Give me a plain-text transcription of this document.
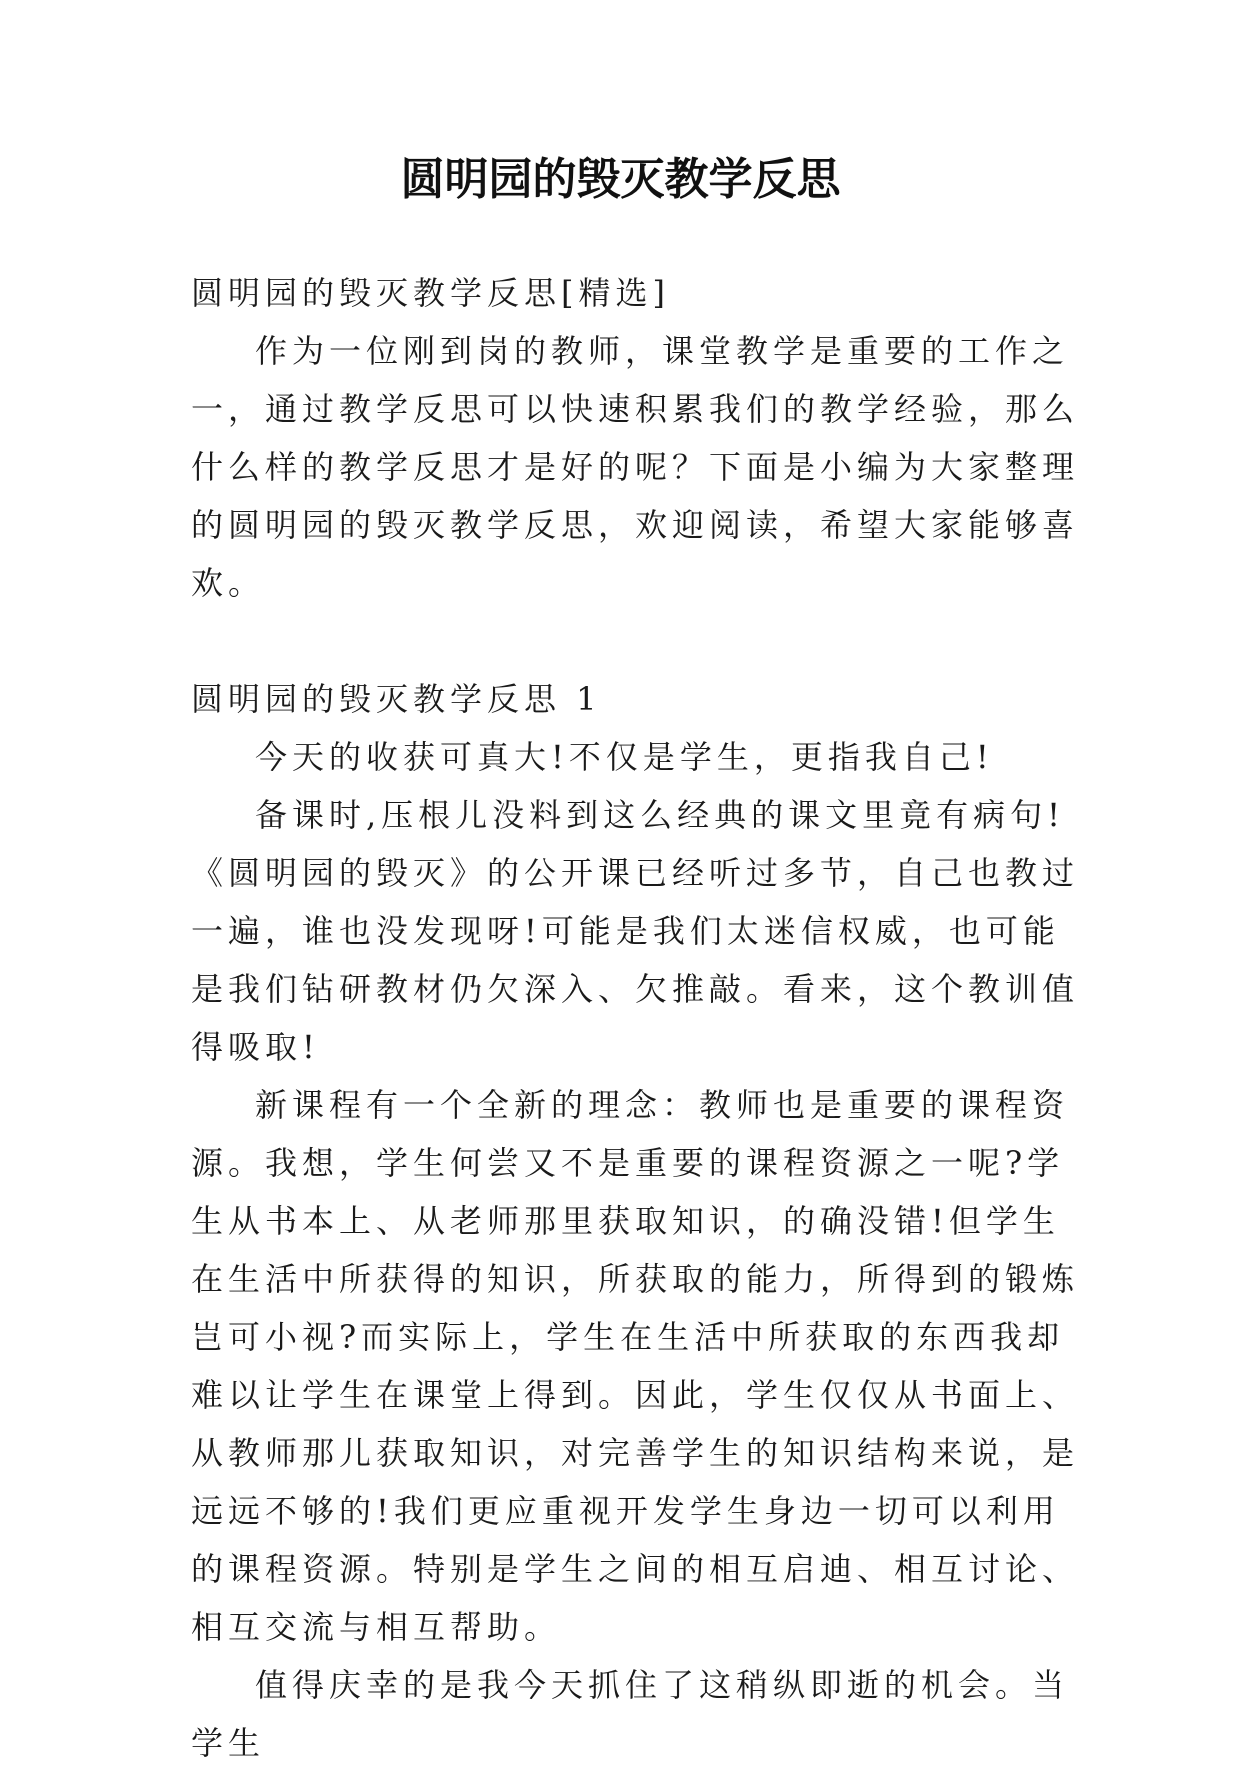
圆明园的毁灭教学反思

圆明园的毁灭教学反思[精选]

作为一位刚到岗的教师，课堂教学是重要的工作之一，通过教学反思可以快速积累我们的教学经验，那么什么样的教学反思才是好的呢？下面是小编为大家整理的圆明园的毁灭教学反思，欢迎阅读，希望大家能够喜欢。

圆明园的毁灭教学反思 1

今天的收获可真大!不仅是学生，更指我自己!

备课时,压根儿没料到这么经典的课文里竟有病句!《圆明园的毁灭》的公开课已经听过多节，自己也教过一遍，谁也没发现呀!可能是我们太迷信权威，也可能是我们钻研教材仍欠深入、欠推敲。看来，这个教训值得吸取!

新课程有一个全新的理念：教师也是重要的课程资源。我想，学生何尝又不是重要的课程资源之一呢?学生从书本上、从老师那里获取知识，的确没错!但学生在生活中所获得的知识，所获取的能力，所得到的锻炼岂可小视?而实际上，学生在生活中所获取的东西我却难以让学生在课堂上得到。因此，学生仅仅从书面上、从教师那儿获取知识，对完善学生的知识结构来说，是远远不够的!我们更应重视开发学生身边一切可以利用的课程资源。特别是学生之间的相互启迪、相互讨论、相互交流与相互帮助。

值得庆幸的是我今天抓住了这稍纵即逝的机会。当学生
